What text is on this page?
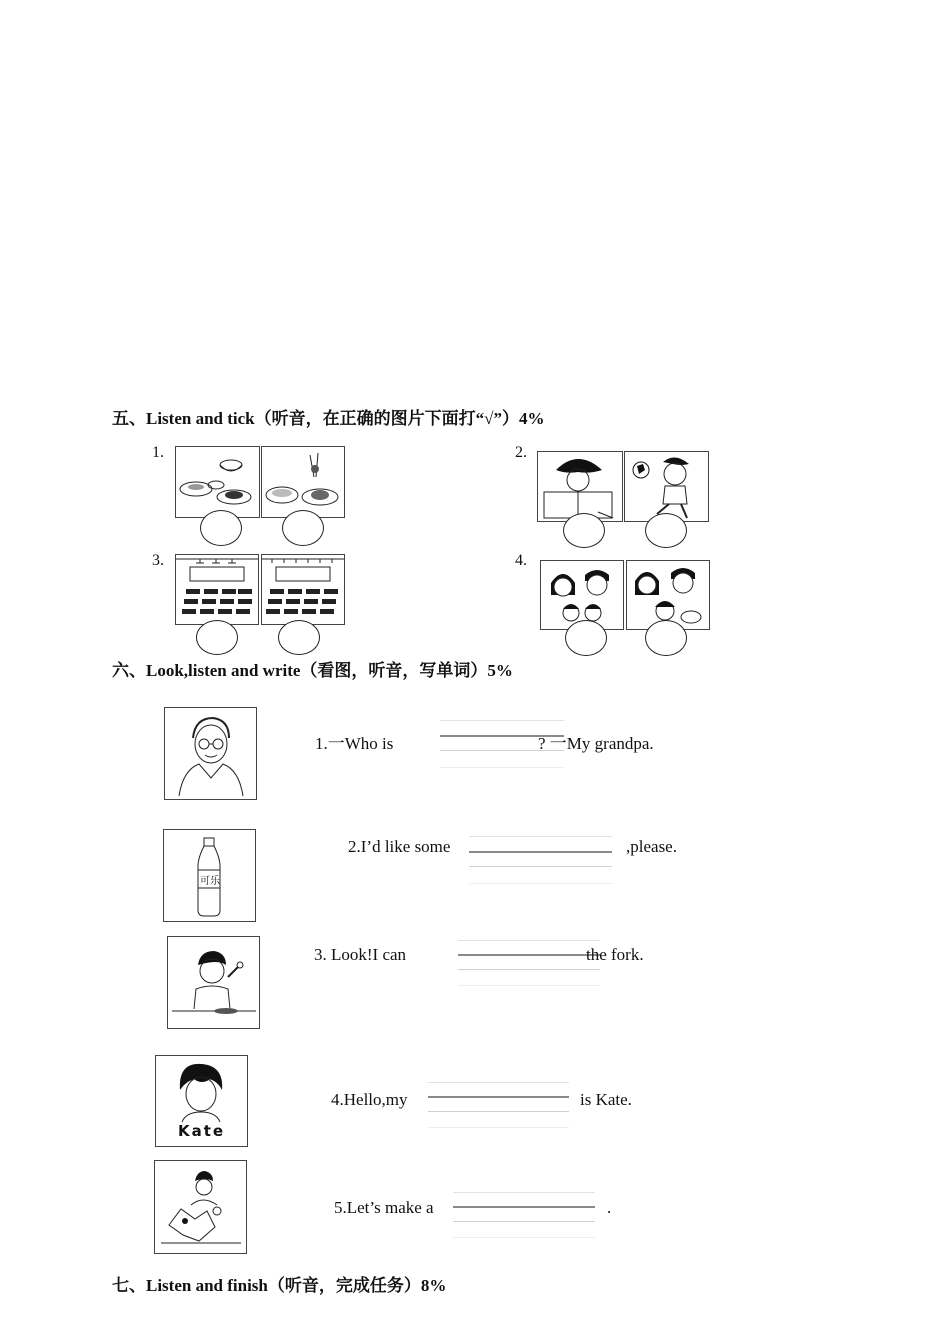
五、Listen and tick（听音，在正确的图片下面打“√”）4%
1.	2.
3.	4.
六、Look,listen and write（看图，听音，写单词）5%
1.一Who is	? 一My grandpa.
可乐
2.I’d like some	,please.
3. Look!I can	the fork.
Kate
4.Hello,my	is Kate.
5.Let’s make a	.
七、Listen and finish（听音，完成任务）8%
